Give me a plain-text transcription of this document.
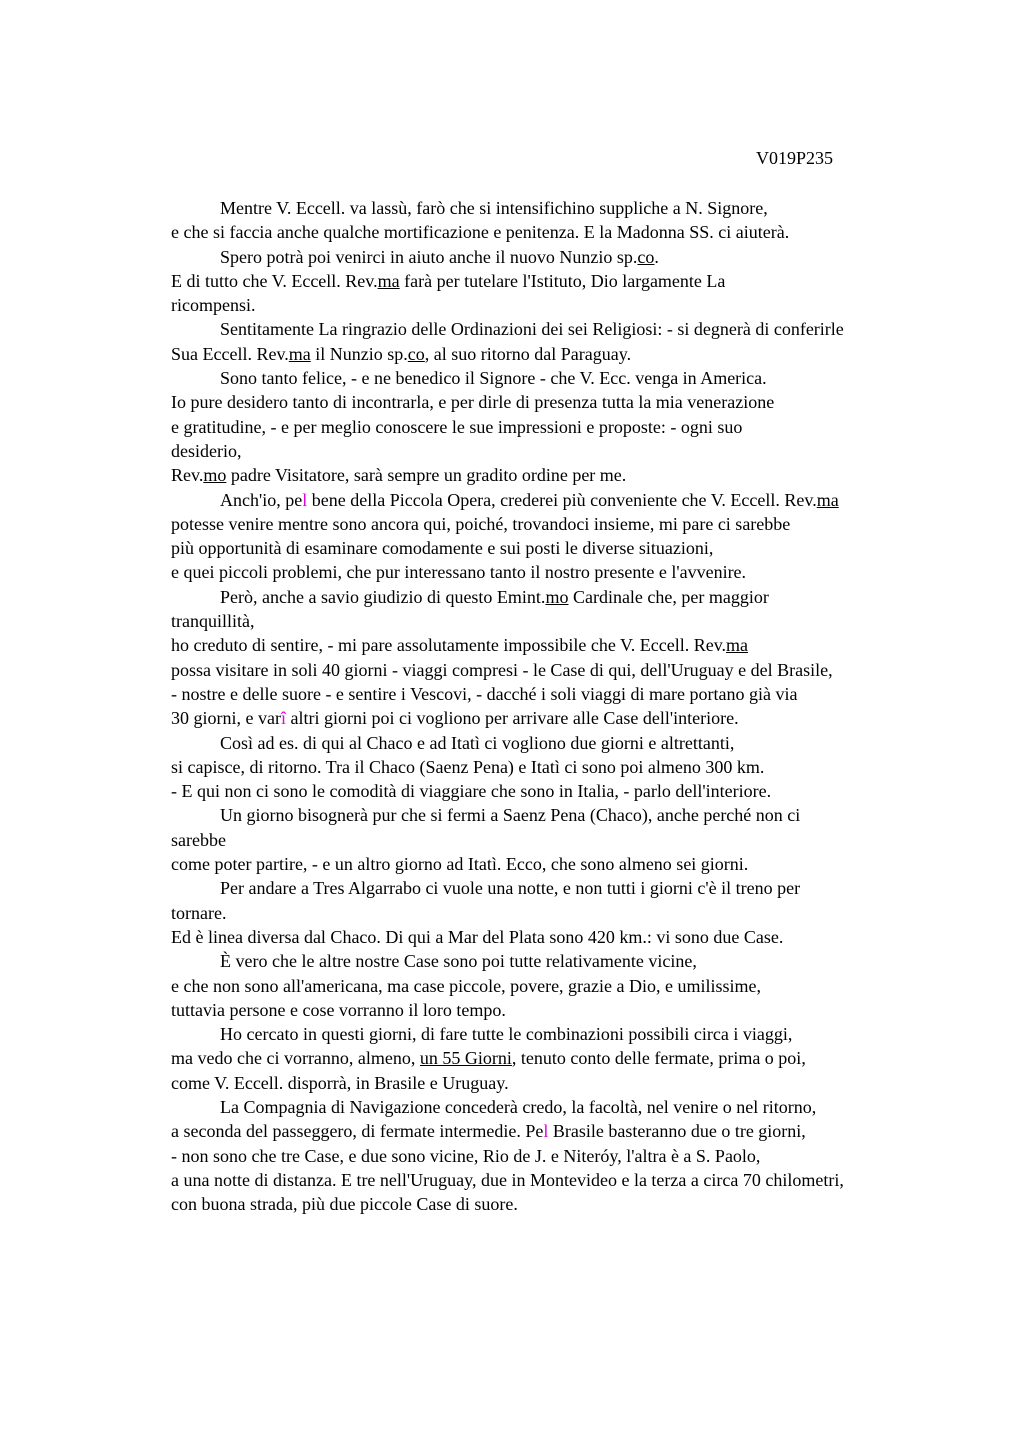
V019P235
Mentre V. Eccell. va lassù, farò che si intensifichino suppliche a N. Signore,
e che si faccia anche qualche mortificazione e penitenza. E la Madonna SS. ci aiuterà.
Spero potrà poi venirci in aiuto anche il nuovo Nunzio sp.co.
E di tutto che V. Eccell. Rev.ma farà per tutelare l'Istituto, Dio largamente La
ricompensi.
Sentitamente La ringrazio delle Ordinazioni dei sei Religiosi: - si degnerà di conferirle
Sua Eccell. Rev.ma il Nunzio sp.co, al suo ritorno dal Paraguay.
Sono tanto felice, - e ne benedico il Signore - che V. Ecc. venga in America.
Io pure desidero tanto di incontrarla, e per dirle di presenza tutta la mia venerazione
e gratitudine, - e per meglio conoscere le sue impressioni e proposte: - ogni suo
desiderio,
Rev.mo padre Visitatore, sarà sempre un gradito ordine per me.
Anch'io, pel bene della Piccola Opera, crederei più conveniente che V. Eccell. Rev.ma
potesse venire mentre sono ancora qui, poiché, trovandoci insieme, mi pare ci sarebbe
più opportunità di esaminare comodamente e sui posti le diverse situazioni,
e quei piccoli problemi, che pur interessano tanto il nostro presente e l'avvenire.
Però, anche a savio giudizio di questo Emint.mo Cardinale che, per maggior
tranquillità,
ho creduto di sentire, - mi pare assolutamente impossibile che V. Eccell. Rev.ma
possa visitare in soli 40 giorni - viaggi compresi - le Case di qui, dell'Uruguay e del Brasile,
- nostre e delle suore - e sentire i Vescovi, - dacché i soli viaggi di mare portano già via
30 giorni, e varî altri giorni poi ci vogliono per arrivare alle Case dell'interiore.
Così ad es. di qui al Chaco e ad Itatì ci vogliono due giorni e altrettanti,
si capisce, di ritorno. Tra il Chaco (Saenz Pena) e Itatì ci sono poi almeno 300 km.
- E qui non ci sono le comodità di viaggiare che sono in Italia, - parlo dell'interiore.
Un giorno bisognerà pur che si fermi a Saenz Pena (Chaco), anche perché non ci
sarebbe
come poter partire, - e un altro giorno ad Itatì. Ecco, che sono almeno sei giorni.
Per andare a Tres Algarrabo ci vuole una notte, e non tutti i giorni c'è il treno per
tornare.
Ed è linea diversa dal Chaco. Di qui a Mar del Plata sono 420 km.: vi sono due Case.
È vero che le altre nostre Case sono poi tutte relativamente vicine,
e che non sono all'americana, ma case piccole, povere, grazie a Dio, e umilissime,
tuttavia persone e cose vorranno il loro tempo.
Ho cercato in questi giorni, di fare tutte le combinazioni possibili circa i viaggi,
ma vedo che ci vorranno, almeno, un 55 Giorni, tenuto conto delle fermate, prima o poi,
come V. Eccell. disporrà, in Brasile e Uruguay.
La Compagnia di Navigazione concederà credo, la facoltà, nel venire o nel ritorno,
a seconda del passeggero, di fermate intermedie. Pel Brasile basteranno due o tre giorni,
- non sono che tre Case, e due sono vicine, Rio de J. e Niteróy, l'altra è a S. Paolo,
a una notte di distanza. E tre nell'Uruguay, due in Montevideo e la terza a circa 70 chilometri,
con buona strada, più due piccole Case di suore.
